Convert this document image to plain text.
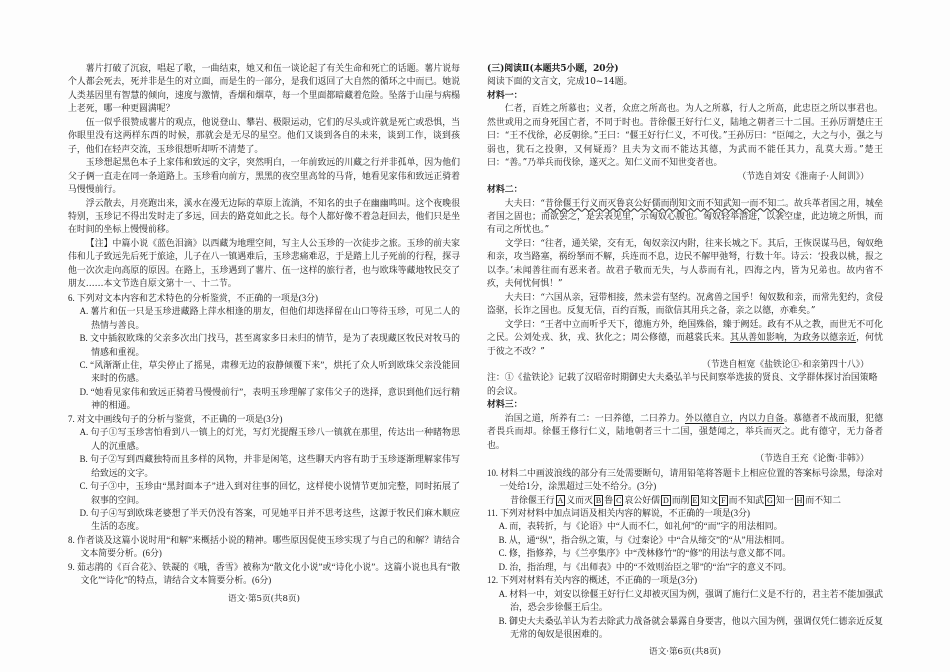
薯片打破了沉寂，唱起了歌，一曲结束，她又和伍一谈论起了有关生命和死亡的话题。薯片说每个人都会死去，死并非是生的对立面，而是生的一部分，是我们返回了大自然的循环之中而已。她说人类基因里有智慧的倾向，速度与激情，香烟和烟草，每一个里面都暗藏着危险。坠落于山崖与病榻上老死，哪一种更圆满呢？
伍一似乎很赞成薯片的观点，他说登山、攀岩、极限运动，它们的尽头或许就是死亡或恐惧，当你眼里没有这两样东西的时候，那就会是无尽的星空。他们又谈到各自的未来，谈到工作，谈到孩子，他们在轻声交流，玉珍很想听却听不清楚了。
玉珍想起黑色本子上家伟和致远的文字，突然明白，一年前致远的川藏之行并非孤单，因为他们父子俩一直走在同一条道路上。玉珍看向前方，黑黑的夜空里高耸的马背，她看见家伟和致远正骑着马慢慢前行。
浮云散去，月亮跑出来，溪水在漫无边际的草原上流淌，不知名的虫子在幽幽鸣叫。这个夜晚很特别，玉珍记不得出发时走了多远，回去的路竟如此之长。每个人都好像不着急赶回去，他们只是坐在时间的坐标上慢慢前移。
【注】中篇小说《蓝色泪滴》以西藏为地理空间，写主人公玉珍的一次徒步之旅。玉珍的前夫家伟和儿子致远先后死于旅途，儿子在八一镇遇难后，玉珍悲痛难忍，于是踏上儿子死前的行程，探寻他一次次走向高原的原因。在路上，玉珍遇到了薯片、伍一这样的旅行者，也与欧珠等藏地牧民交了朋友……本文节选自原文第十一、十二节。
6. 下列对文本内容和艺术特色的分析鉴赏，不正确的一项是(3分)
A. 薯片和伍一只是玉珍进藏路上萍水相逢的朋友，但他们却选择留在山口等待玉珍，可见二人的热情与善良。
B. 文中插叙欧珠的父亲多次出门找马，甚至离家多日未归的情节，是为了表现藏区牧民对牧马的情感和重视。
C. “风渐渐止住，草尖停止了摇晃，肃穆无边的寂静倾覆下来”，烘托了众人听到欧珠父亲没能回来时的伤感。
D. “她看见家伟和致远正骑着马慢慢前行”，表明玉珍理解了家伟父子的选择，意识到他们远行精神的相通。
7. 对文中画线句子的分析与鉴赏，不正确的一项是(3分)
A. 句子①写玉珍害怕看到八一镇上的灯光，写灯光提醒玉珍八一镇就在那里，传达出一种睹物思人的沉重感。
B. 句子②写到西藏独特而且多样的风物，并非是闲笔，这些聊天内容有助于玉珍逐渐理解家伟写给致远的文字。
C. 句子③中，玉珍由“黑封面本子”进入到对往事的回忆，这样使小说情节更加完整，同时拓展了叙事的空间。
D. 句子④写到欧珠老婆想了半天仍没有答案，可见她平日并不思考这些，这源于牧民们麻木顺应生活的态度。
8. 作者谈及这篇小说时用“和解”来概括小说的精神。哪些原因促使玉珍实现了与自己的和解？请结合文本简要分析。(6分)
9. 茹志鹃的《百合花》、铁凝的《哦，香雪》被称为“散文化小说”或“诗化小说”。这篇小说也具有“散文化”“诗化”的特点，请结合文本简要分析。(6分)
语文·第5页(共8页)
(三)阅读Ⅱ(本题共5小题，20分)
阅读下面的文言文，完成10~14题。
材料一：
仁者，百姓之所慕也；义者，众庶之所高也。为人之所慕，行人之所高，此忠臣之所以事君也。然世或用之而身死国亡者，不同于时也。昔徐偃王好行仁义，陆地之朝者三十二国。王孙厉谓楚庄王曰：“王不伐徐，必反朝徐。”王曰：“偃王好行仁义，不可伐。”王孙厉曰：“臣闻之，大之与小，强之与弱也，犹石之投卵，又何疑焉？且夫为文而不能达其德，为武而不能任其力，乱莫大焉。”楚王曰：“善。”乃举兵而伐徐，遂灭之。知仁义而不知世变者也。
（节选自刘安《淮南子·人间训》）
材料二：
大夫曰：“昔徐偃王行义而灭鲁哀公好儒而削知文而不知武知一而不知二。故兵革者国之用，城垒者国之固也；而欲罢之，是去表见里，示匈奴心腹也。匈奴轻举潜进，以袭空虚，此边境之所惧，而有司之所忧也。”
文学曰：“往者，通关梁，交有无，匈奴亲汉内附，往来长城之下。其后，王恢误谋马邑，匈奴绝和亲，攻当路塞，祸纷拏而不解，兵连而不息，边民不解甲弛弩，行数十年。诗云：‘投我以桃，报之以李。’未闻善往而有恶来者。故君子敬而无失，与人恭而有礼，四海之内，皆为兄弟也。故内省不疚，夫何忧何惧！”
大夫曰：“六国从亲，冠带相接，然未尝有坚约。况禽兽之国乎！匈奴数和亲，而常先犯约，贪侵盗驱，长诈之国也。反复无信，百约百叛，而欲信其用兵之备，亲之以德，亦难矣。”
文学曰：“王者中立而听乎天下，德施方外，绝国殊俗，臻于阙廷。政有不从之教，而世无不可化之民。公刘处戎、狄，戎、狄化之；周公修德，而越裳氏来。其从善如影响，为政务以德亲近，何忧于彼之不改？”
（节选自桓宽《盐铁论①·和亲第四十八》）
注：①《盐铁论》记载了汉昭帝时期御史大夫桑弘羊与民间察举选拔的贤良、文学群体探讨治国策略的会议。
材料三：
治国之道，所养有二：一曰养德，二曰养力。外以德自立，内以力自备。慕德者不战而服，犯德者畏兵而却。徐偃王修行仁义，陆地朝者三十二国，强楚闻之，举兵而灭之。此有德守，无力备者也。
（节选自王充《论衡·非韩》）
10. 材料二中画波浪线的部分有三处需要断句，请用铅笔将答题卡上相应位置的答案标号涂黑，每涂对一处给1分，涂黑超过三处不给分。(3分)
昔徐偃王行 A 义而灭 B 鲁 C 哀公好儒 D 而削 E 知文 F 而不知武 G 知一 H 而不知二
11. 下列对材料中加点词语及相关内容的解说，不正确的一项是(3分)
A. 而，表转折，与《论语》中“人而不仁，如礼何”的“而”字的用法相同。
B. 从，通“纵”，指合纵之策，与《过秦论》中“合从缔交”的“从”用法相同。
C. 修，指修养，与《兰亭集序》中“茂林修竹”的“修”的用法与意义都不同。
D. 治，指治理，与《出师表》中的“不效则治臣之罪”的“治”字的意义不同。
12. 下列对材料有关内容的概述，不正确的一项是(3分)
A. 材料一中，刘安以徐偃王好行仁义却被灭国为例，强调了施行仁义是不行的，君主若不能加强武治，恐会步徐偃王后尘。
B. 御史大夫桑弘羊认为若去除武力战备就会暴露自身要害，他以六国为例，强调仅凭仁德亲近反复无常的匈奴是很困难的。
语文·第6页(共8页)
